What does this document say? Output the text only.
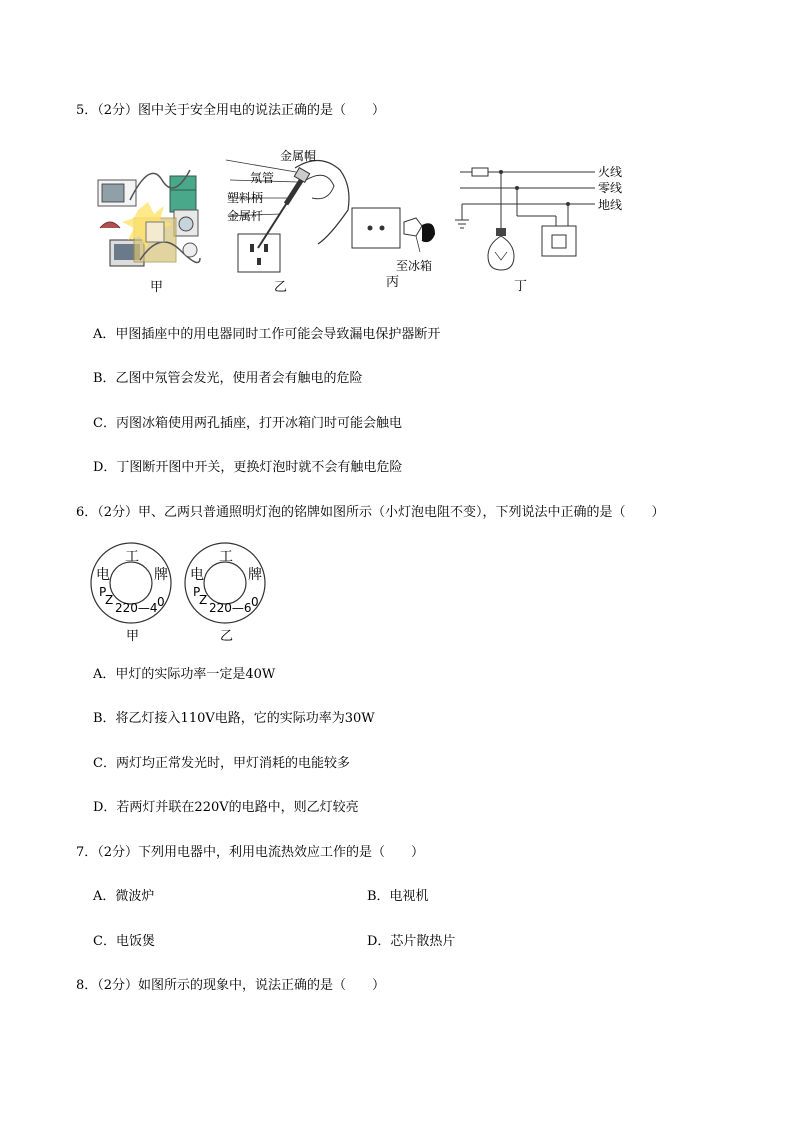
5．（2分）图中关于安全用电的说法正确的是（　　）
甲
金属帽
氖管
塑料柄
金属杆
乙
至冰箱
丙
火线
零线
地线
丁
A．甲图插座中的用电器同时工作可能会导致漏电保护器断开
B．乙图中氖管会发光，使用者会有触电的危险
C．丙图冰箱使用两孔插座，打开冰箱门时可能会触电
D．丁图断开图中开关，更换灯泡时就不会有触电危险
6．（2分）甲、乙两只普通照明灯泡的铭牌如图所示（小灯泡电阻不变），下列说法中正确的是（　　）
工
电	牌
P
Z
220—4 0
甲
工
电	牌
P
Z
220—6 0
乙
A．甲灯的实际功率一定是40W
B．将乙灯接入110V电路，它的实际功率为30W
C．两灯均正常发光时，甲灯消耗的电能较多
D．若两灯并联在220V的电路中，则乙灯较亮
7．（2分）下列用电器中，利用电流热效应工作的是（　　）
A．微波炉	B．电视机
C．电饭煲	D．芯片散热片
8．（2分）如图所示的现象中，说法正确的是（　　）
